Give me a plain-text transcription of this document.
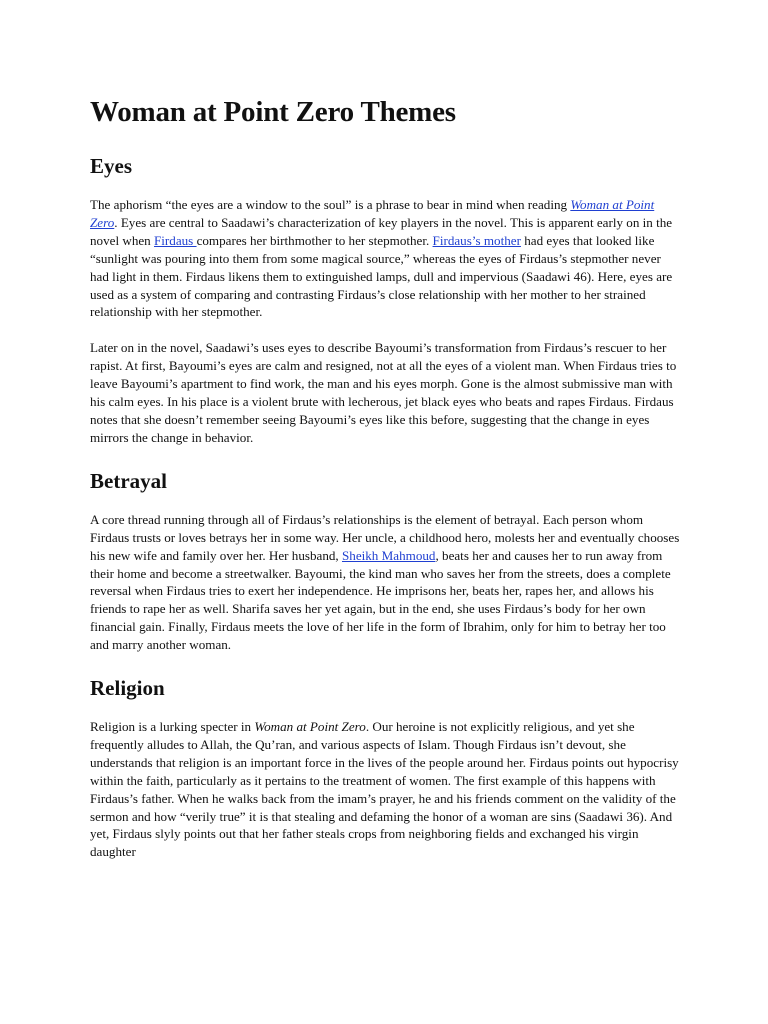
Woman at Point Zero Themes
Eyes

The aphorism “the eyes are a window to the soul” is a phrase to bear in mind when reading Woman at Point Zero. Eyes are central to Saadawi’s characterization of key players in the novel. This is apparent early on in the novel when Firdaus compares her birthmother to her stepmother. Firdaus’s mother had eyes that looked like “sunlight was pouring into them from some magical source,” whereas the eyes of Firdaus’s stepmother never had light in them. Firdaus likens them to extinguished lamps, dull and impervious (Saadawi 46). Here, eyes are used as a system of comparing and contrasting Firdaus’s close relationship with her mother to her strained relationship with her stepmother.

Later on in the novel, Saadawi’s uses eyes to describe Bayoumi’s transformation from Firdaus’s rescuer to her rapist. At first, Bayoumi’s eyes are calm and resigned, not at all the eyes of a violent man. When Firdaus tries to leave Bayoumi’s apartment to find work, the man and his eyes morph. Gone is the almost submissive man with his calm eyes. In his place is a violent brute with lecherous, jet black eyes who beats and rapes Firdaus. Firdaus notes that she doesn’t remember seeing Bayoumi’s eyes like this before, suggesting that the change in eyes mirrors the change in behavior.

Betrayal

A core thread running through all of Firdaus’s relationships is the element of betrayal. Each person whom Firdaus trusts or loves betrays her in some way. Her uncle, a childhood hero, molests her and eventually chooses his new wife and family over her. Her husband, Sheikh Mahmoud, beats her and causes her to run away from their home and become a streetwalker. Bayoumi, the kind man who saves her from the streets, does a complete reversal when Firdaus tries to exert her independence. He imprisons her, beats her, rapes her, and allows his friends to rape her as well. Sharifa saves her yet again, but in the end, she uses Firdaus’s body for her own financial gain. Finally, Firdaus meets the love of her life in the form of Ibrahim, only for him to betray her too and marry another woman.

Religion

Religion is a lurking specter in Woman at Point Zero. Our heroine is not explicitly religious, and yet she frequently alludes to Allah, the Qu’ran, and various aspects of Islam. Though Firdaus isn’t devout, she understands that religion is an important force in the lives of the people around her. Firdaus points out hypocrisy within the faith, particularly as it pertains to the treatment of women. The first example of this happens with Firdaus’s father. When he walks back from the imam’s prayer, he and his friends comment on the validity of the sermon and how “verily true” it is that stealing and defaming the honor of a woman are sins (Saadawi 36). And yet, Firdaus slyly points out that her father steals crops from neighboring fields and exchanged his virgin daughter
